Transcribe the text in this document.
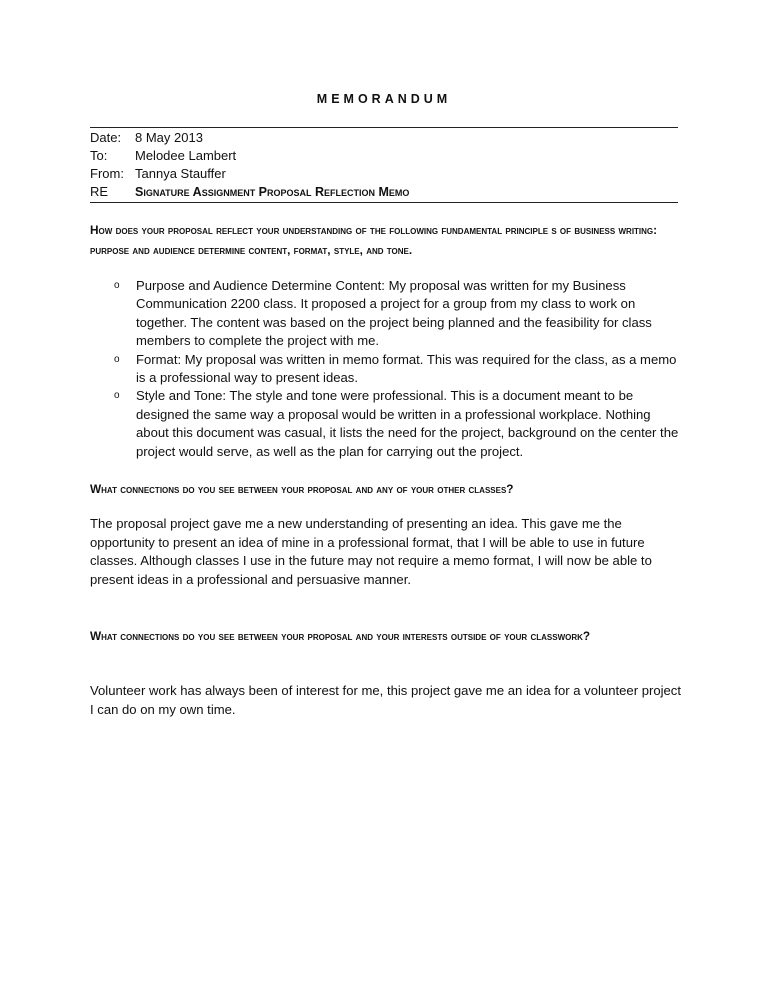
MEMORANDUM
Date:	8 May 2013
To:	Melodee Lambert
From: Tannya Stauffer
RE	Signature Assignment Proposal Reflection Memo
How does your proposal reflect your understanding of the following fundamental principle s of business writing: purpose and audience determine content, format, style, and tone.
o Purpose and Audience Determine Content: My proposal was written for my Business Communication 2200 class. It proposed a project for a group from my class to work on together. The content was based on the project being planned and the feasibility for class members to complete the project with me.
o Format: My proposal was written in memo format. This was required for the class, as a memo is a professional way to present ideas.
o Style and Tone: The style and tone were professional. This is a document meant to be designed the same way a proposal would be written in a professional workplace. Nothing about this document was casual, it lists the need for the project, background on the center the project would serve, as well as the plan for carrying out the project.
What connections do you see between your proposal and any of your other classes?
The proposal project gave me a new understanding of presenting an idea. This gave me the opportunity to present an idea of mine in a professional format, that I will be able to use in future classes. Although classes I use in the future may not require a memo format, I will now be able to present ideas in a professional and persuasive manner.
What connections do you see between your proposal and your interests outside of your classwork?
Volunteer work has always been of interest for me, this project gave me an idea for a volunteer project I can do on my own time.
